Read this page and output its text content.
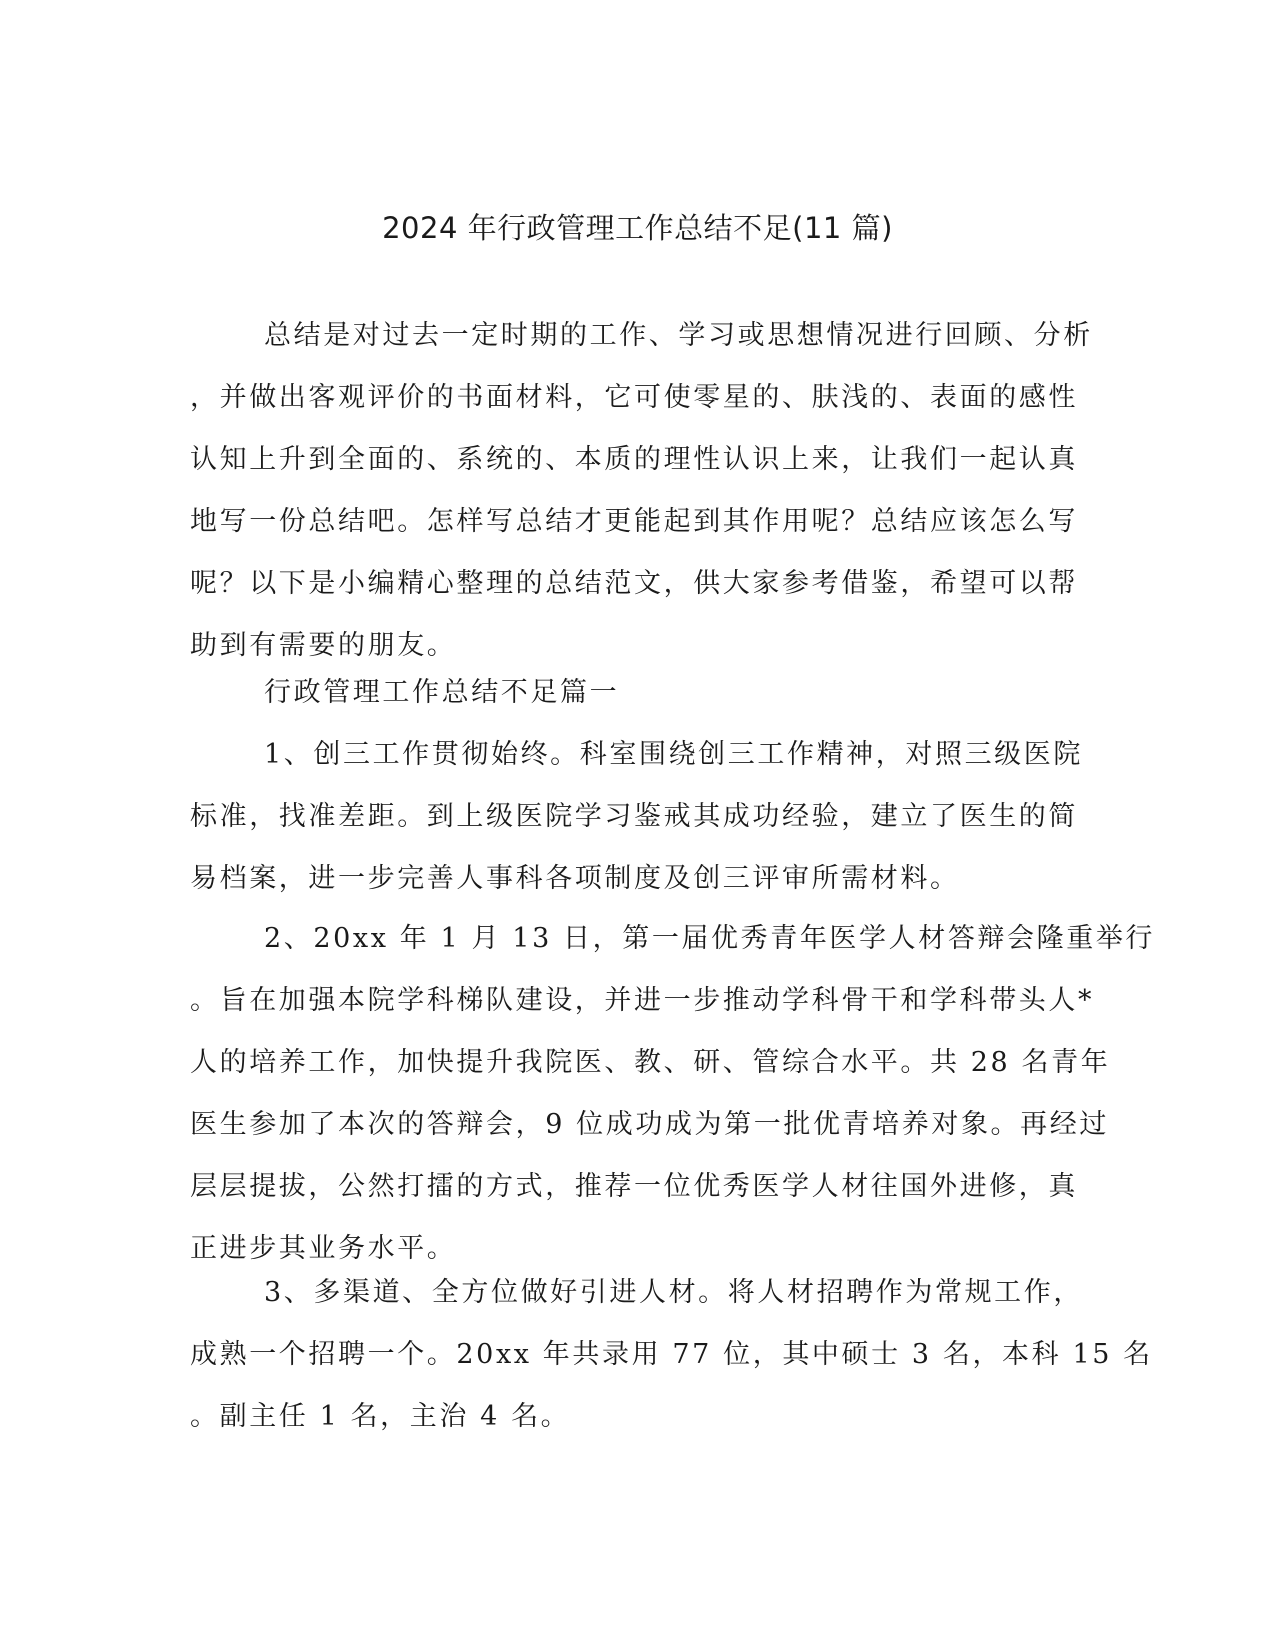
2024 年行政管理工作总结不足(11 篇)
总结是对过去一定时期的工作、学习或思想情况进行回顾、分析
，并做出客观评价的书面材料，它可使零星的、肤浅的、表面的感性
认知上升到全面的、系统的、本质的理性认识上来，让我们一起认真
地写一份总结吧。怎样写总结才更能起到其作用呢？总结应该怎么写
呢？以下是小编精心整理的总结范文，供大家参考借鉴，希望可以帮
助到有需要的朋友。
行政管理工作总结不足篇一
1、创三工作贯彻始终。科室围绕创三工作精神，对照三级医院
标准，找准差距。到上级医院学习鉴戒其成功经验，建立了医生的简
易档案，进一步完善人事科各项制度及创三评审所需材料。
2、20xx 年 1 月 13 日，第一届优秀青年医学人材答辩会隆重举行
。旨在加强本院学科梯队建设，并进一步推动学科骨干和学科带头人*
人的培养工作，加快提升我院医、教、研、管综合水平。共 28 名青年
医生参加了本次的答辩会，9 位成功成为第一批优青培养对象。再经过
层层提拔，公然打擂的方式，推荐一位优秀医学人材往国外进修，真
正进步其业务水平。
3、多渠道、全方位做好引进人材。将人材招聘作为常规工作，
成熟一个招聘一个。20xx 年共录用 77 位，其中硕士 3 名，本科 15 名
。副主任 1 名，主治 4 名。
